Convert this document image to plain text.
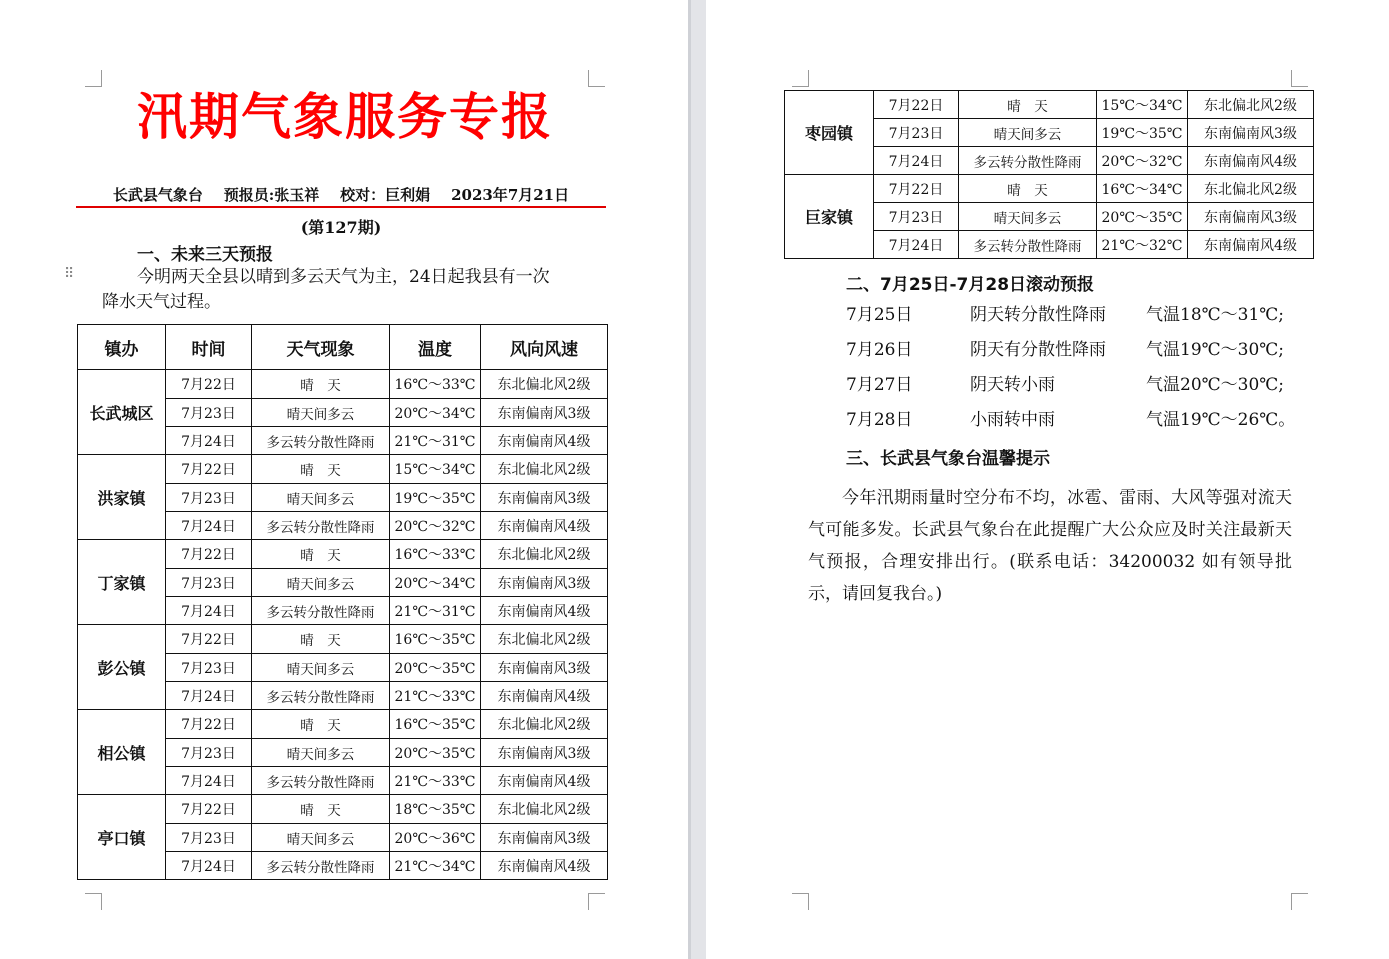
汛期气象服务专报
长武县气象台    预报员:张玉祥    校对：巨利娟    2023年7月21日
(第127期)
一、未来三天预报
⠿	今明两天全县以晴到多云天气为主，24日起我县有一次
降水天气过程。
镇办	时间	天气现象	温度	风向风速
长武城区	7月22日	晴　天	16℃～33℃	东北偏北风2级
	7月23日	晴天间多云	20℃～34℃	东南偏南风3级
	7月24日	多云转分散性降雨	21℃～31℃	东南偏南风4级
洪家镇	7月22日	晴　天	15℃～34℃	东北偏北风2级
	7月23日	晴天间多云	19℃～35℃	东南偏南风3级
	7月24日	多云转分散性降雨	20℃～32℃	东南偏南风4级
丁家镇	7月22日	晴　天	16℃～33℃	东北偏北风2级
	7月23日	晴天间多云	20℃～34℃	东南偏南风3级
	7月24日	多云转分散性降雨	21℃～31℃	东南偏南风4级
彭公镇	7月22日	晴　天	16℃～35℃	东北偏北风2级
	7月23日	晴天间多云	20℃～35℃	东南偏南风3级
	7月24日	多云转分散性降雨	21℃～33℃	东南偏南风4级
相公镇	7月22日	晴　天	16℃～35℃	东北偏北风2级
	7月23日	晴天间多云	20℃～35℃	东南偏南风3级
	7月24日	多云转分散性降雨	21℃～33℃	东南偏南风4级
亭口镇	7月22日	晴　天	18℃～35℃	东北偏北风2级
	7月23日	晴天间多云	20℃～36℃	东南偏南风3级
	7月24日	多云转分散性降雨	21℃～34℃	东南偏南风4级
枣园镇	7月22日	晴　天	15℃～34℃	东北偏北风2级
	7月23日	晴天间多云	19℃～35℃	东南偏南风3级
	7月24日	多云转分散性降雨	20℃～32℃	东南偏南风4级
巨家镇	7月22日	晴　天	16℃～34℃	东北偏北风2级
	7月23日	晴天间多云	20℃～35℃	东南偏南风3级
	7月24日	多云转分散性降雨	21℃～32℃	东南偏南风4级
二、7月25日-7月28日滚动预报
7月25日	阴天转分散性降雨 气温18℃～31℃;
7月26日	阴天有分散性降雨 气温19℃～30℃;
7月27日	阴天转小雨	气温20℃～30℃;
7月28日	小雨转中雨	气温19℃～26℃。
三、长武县气象台温馨提示
今年汛期雨量时空分布不均，冰雹、雷雨、大风等强对流天气可能多发。长武县气象台在此提醒广大公众应及时关注最新天气预报，合理安排出行。(联系电话：34200032 如有领导批示，请回复我台。)
